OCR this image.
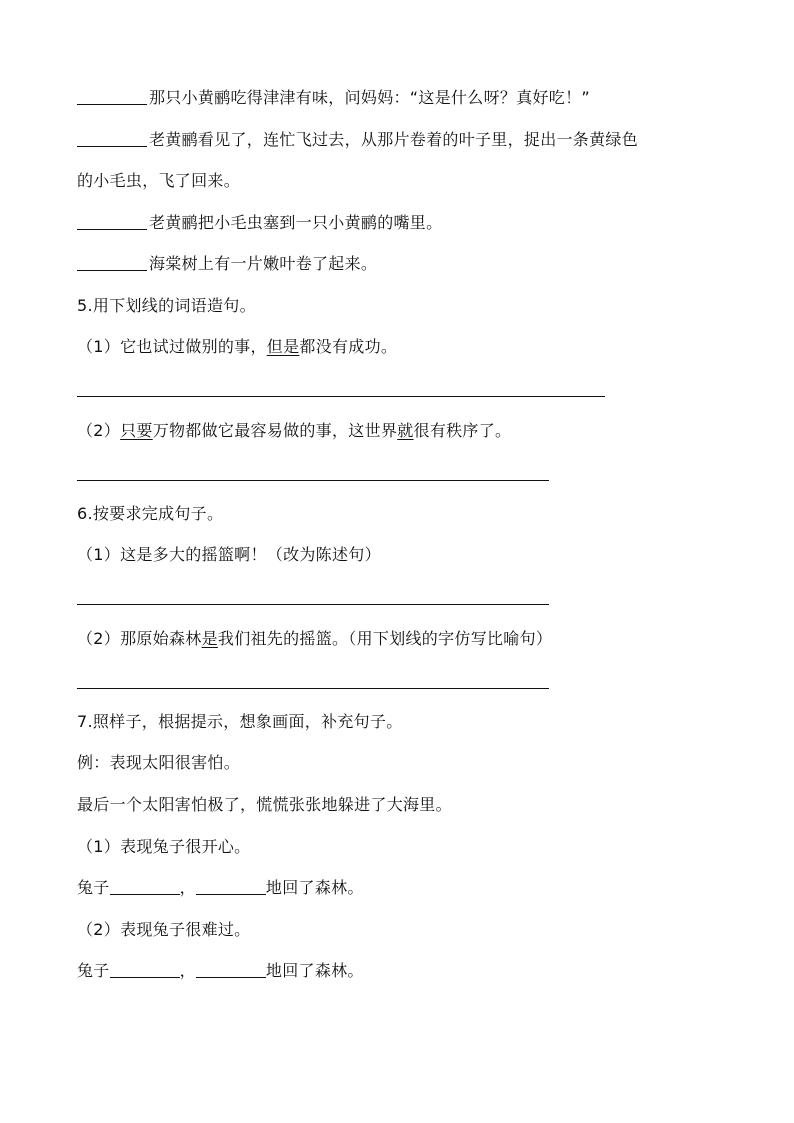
那只小黄鹂吃得津津有味，问妈妈：“这是什么呀？真好吃！”
老黄鹂看见了，连忙飞过去，从那片卷着的叶子里，捉出一条黄绿色
的小毛虫，飞了回来。
老黄鹂把小毛虫塞到一只小黄鹂的嘴里。
海棠树上有一片嫩叶卷了起来。
5.用下划线的词语造句。
（1）它也试过做别的事，但是都没有成功。
（2）只要万物都做它最容易做的事，这世界就很有秩序了。
6.按要求完成句子。
（1）这是多大的摇篮啊！（改为陈述句）
（2）那原始森林是我们祖先的摇篮。（用下划线的字仿写比喻句）
7.照样子，根据提示，想象画面，补充句子。
例：表现太阳很害怕。
最后一个太阳害怕极了，慌慌张张地躲进了大海里。
（1）表现兔子很开心。
兔子	，	地回了森林。
（2）表现兔子很难过。
兔子	，	地回了森林。
